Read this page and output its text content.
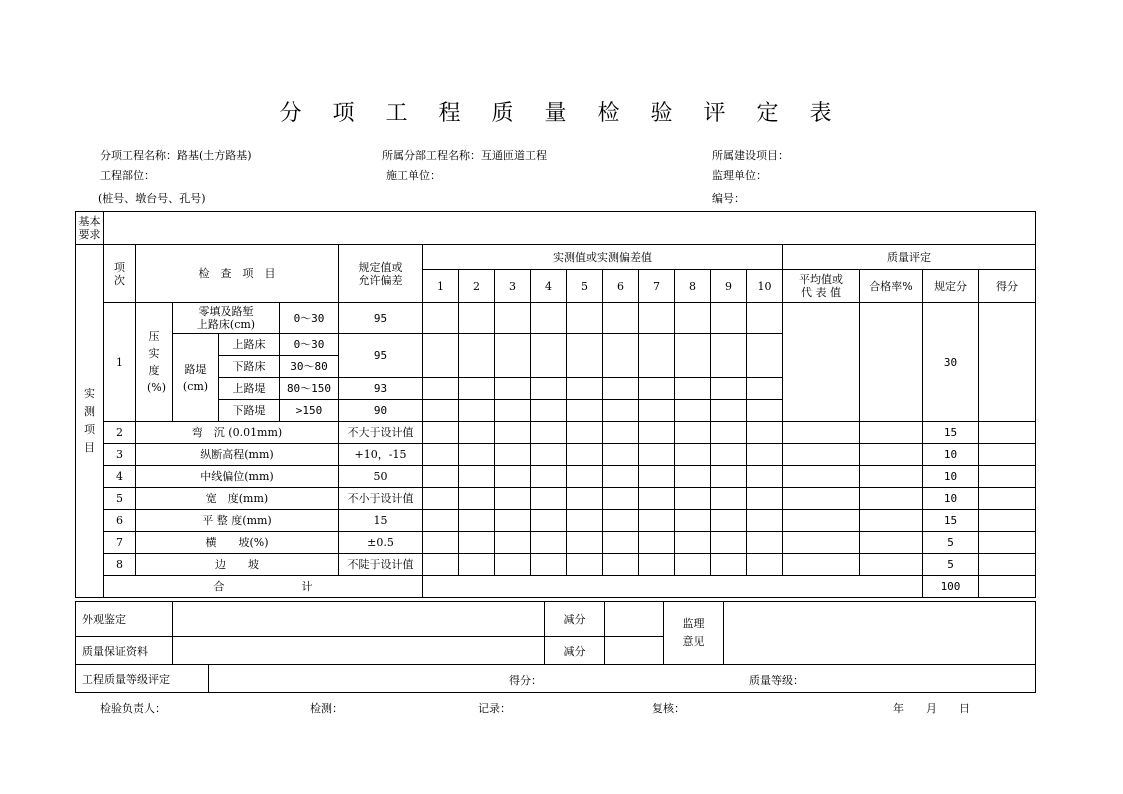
分 项 工 程 质 量 检 验 评 定 表
分项工程名称：路基(土方路基)	所属分部工程名称：互通匝道工程	所属建设项目：
工程部位：	施工单位：	监理单位：
(桩号、墩台号、孔号)	编号：
基本要求																				
实测项目	项次	检　查　项　目				规定值或允许偏差	实测值或实测偏差值										质量评定			
							1	2	3	4	5	6	7	8	9	10	平均值或代 表 值	合格率%	规定分	得分
	1	压实度(%)	零填及路堑上路床(cm)		0～30	95													30	
			路堤(cm)	上路床	0～30	95														
				下路床	30～80															
				上路堤	80～150	93														
				下路堤	>150	90														
	2	弯　沉 (0.01mm)				不大于设计值													15	
	3	纵断高程(mm)				+10，-15													10	
	4	中线偏位(mm)				50													10	
	5	宽　度(mm)				不小于设计值													10	
	6	平 整 度(mm)				15													15	
	7	横　　坡(%)				±0.5													5	
	8	边　　坡				不陡于设计值													5	
	合　　　　　　　计																		100	
外观鉴定		减分		监理意见	
质量保证资料		减分			
工程质量等级评定	得分：	质量等级：
检验负责人：	检测：	记录：	复核：	年　　月　　日
